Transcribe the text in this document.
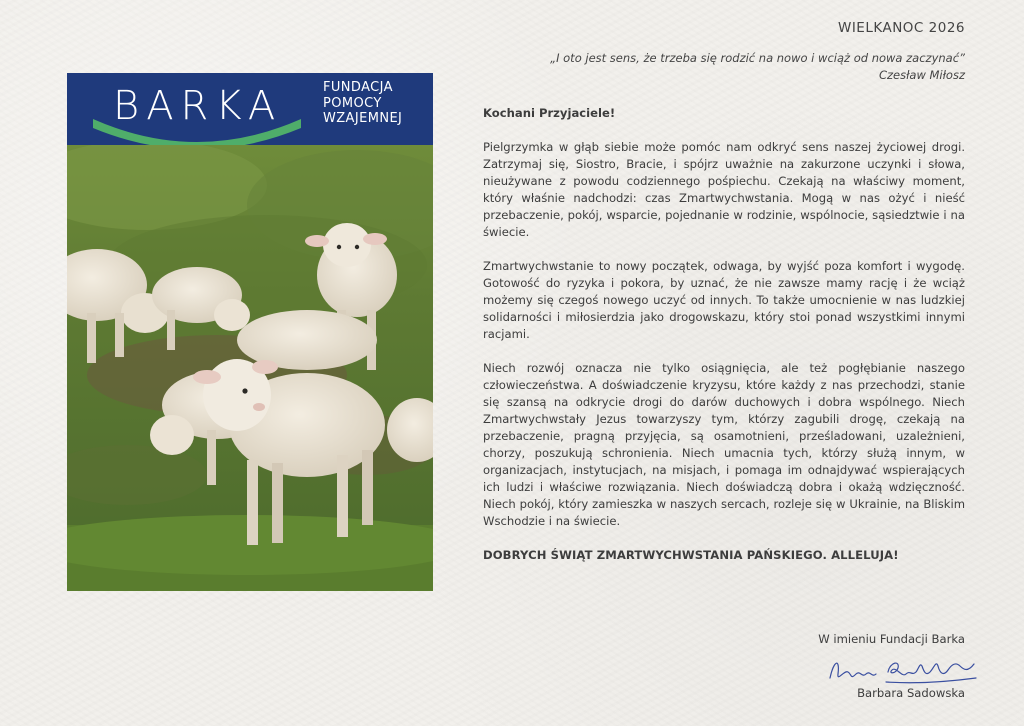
BARKA	FUNDACJA
POMOCY
WZAJEMNEJ
WIELKANOC 2026
„I oto jest sens, że trzeba się rodzić na nowo i wciąż od nowa zaczynać”
Czesław Miłosz

Kochani Przyjaciele!

Pielgrzymka w głąb siebie może pomóc nam odkryć sens naszej życiowej drogi. Zatrzymaj się, Siostro, Bracie, i spójrz uważnie na zakurzone uczynki i słowa, nieużywane z powodu codziennego pośpiechu. Czekają na właściwy moment, który właśnie nadchodzi: czas Zmartwychwstania. Mogą w nas ożyć i nieść przebaczenie, pokój, wsparcie, pojednanie w rodzinie, wspólnocie, sąsiedztwie i na świecie.

Zmartwychwstanie to nowy początek, odwaga, by wyjść poza komfort i wygodę. Gotowość do ryzyka i pokora, by uznać, że nie zawsze mamy rację i że wciąż możemy się czegoś nowego uczyć od innych. To także umocnienie w nas ludzkiej solidarności i miłosierdzia jako drogowskazu, który stoi ponad wszystkimi innymi racjami.

Niech rozwój oznacza nie tylko osiągnięcia, ale też pogłębianie naszego człowieczeństwa. A doświadczenie kryzysu, które każdy z nas przechodzi, stanie się szansą na odkrycie drogi do darów duchowych i dobra wspólnego. Niech Zmartwychwstały Jezus towarzyszy tym, którzy zagubili drogę, czekają na przebaczenie, pragną przyjęcia, są osamotnieni, prześladowani, uzależnieni, chorzy, poszukują schronienia. Niech umacnia tych, którzy służą innym, w organizacjach, instytucjach, na misjach, i pomaga im odnajdywać wspierających ich ludzi i właściwe rozwiązania. Niech doświadczą dobra i okażą wdzięczność. Niech pokój, który zamieszka w naszych sercach, rozleje się w Ukrainie, na Bliskim Wschodzie i na świecie.

DOBRYCH ŚWIĄT ZMARTWYCHWSTANIA PAŃSKIEGO. ALLELUJA!

W imieniu Fundacji Barka
Barbara Sadowska
